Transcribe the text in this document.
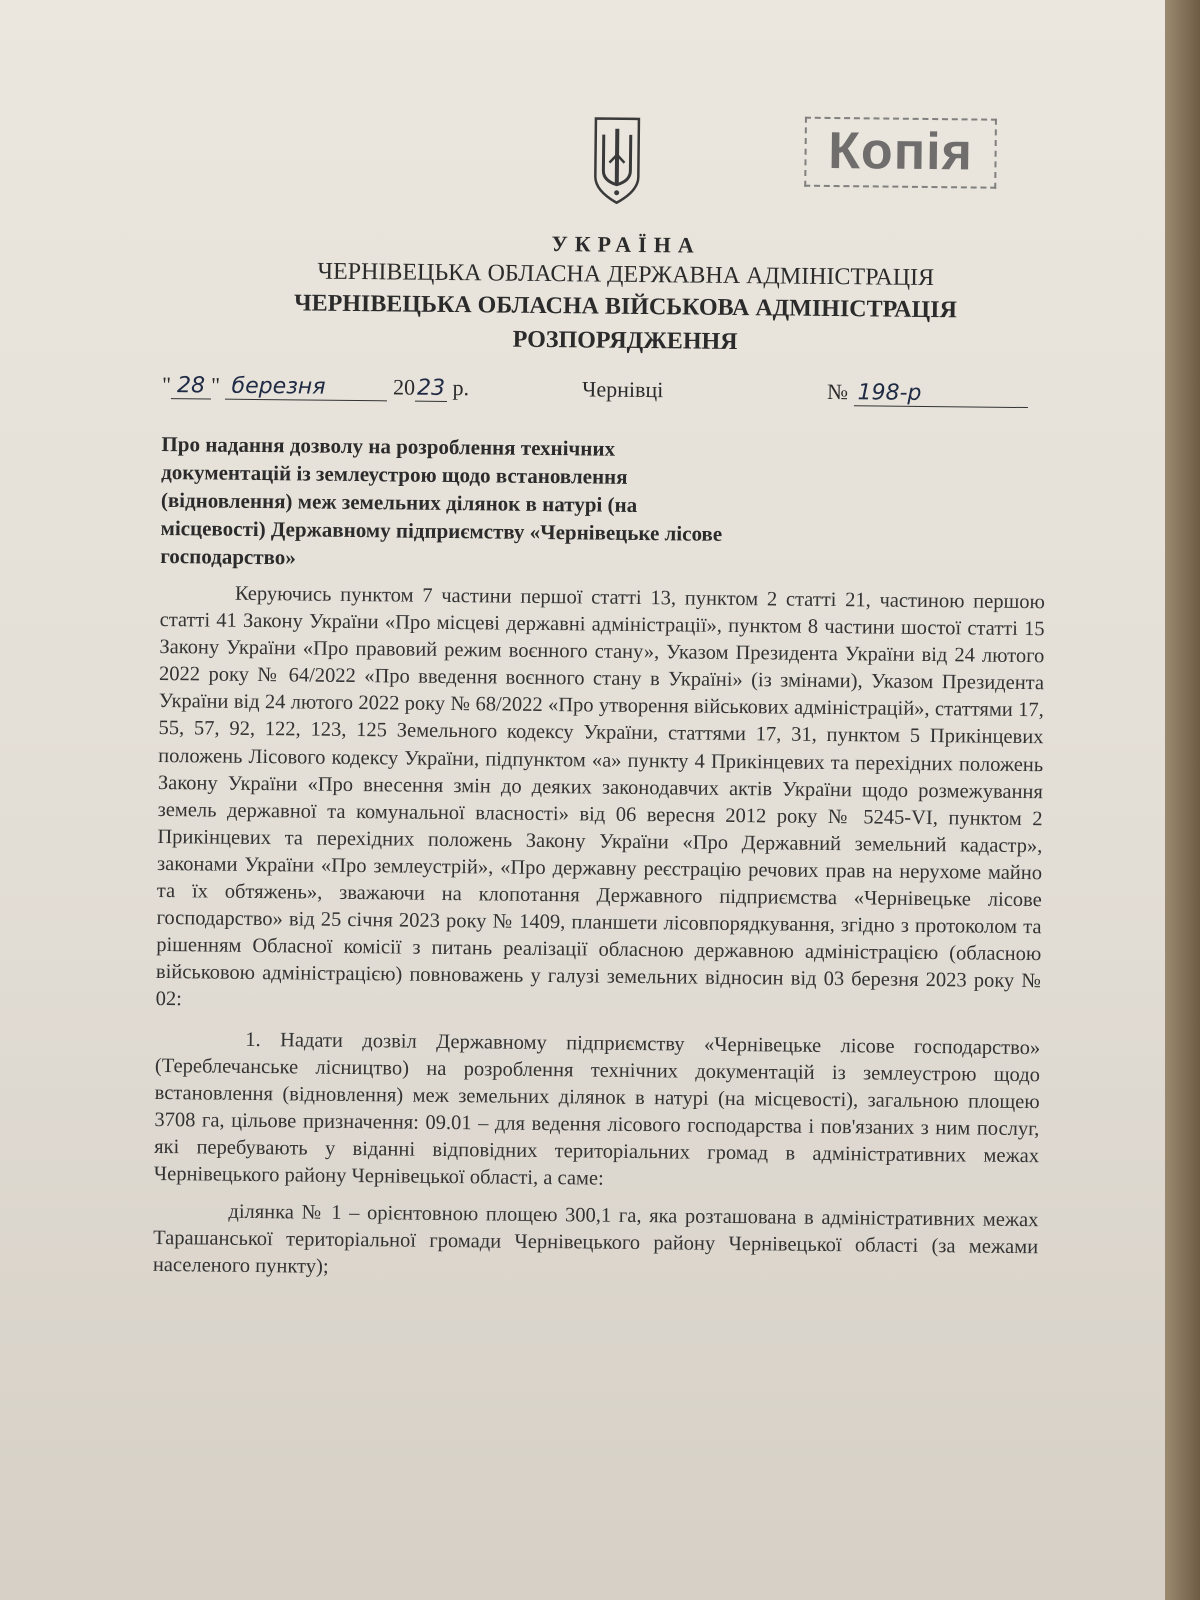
Копія

УКРАЇНА

ЧЕРНІВЕЦЬКА ОБЛАСНА ДЕРЖАВНА АДМІНІСТРАЦІЯ

ЧЕРНІВЕЦЬКА ОБЛАСНА ВІЙСЬКОВА АДМІНІСТРАЦІЯ

РОЗПОРЯДЖЕННЯ

" 28 " березня	2023 р.	Чернівці	№ 198-р

Про надання дозволу на розроблення технічних документацій із землеустрою щодо встановлення (відновлення) меж земельних ділянок в натурі (на місцевості) Державному підприємству «Чернівецьке лісове господарство»

Керуючись пунктом 7 частини першої статті 13, пунктом 2 статті 21, частиною першою статті 41 Закону України «Про місцеві державні адміністрації», пунктом 8 частини шостої статті 15 Закону України «Про правовий режим воєнного стану», Указом Президента України від 24 лютого 2022 року № 64/2022 «Про введення воєнного стану в Україні» (із змінами), Указом Президента України від 24 лютого 2022 року № 68/2022 «Про утворення військових адміністрацій», статтями 17, 55, 57, 92, 122, 123, 125 Земельного кодексу України, статтями 17, 31, пунктом 5 Прикінцевих положень Лісового кодексу України, підпунктом «а» пункту 4 Прикінцевих та перехідних положень Закону України «Про внесення змін до деяких законодавчих актів України щодо розмежування земель державної та комунальної власності» від 06 вересня 2012 року № 5245-VI, пунктом 2 Прикінцевих та перехідних положень Закону України «Про Державний земельний кадастр», законами України «Про землеустрій», «Про державну реєстрацію речових прав на нерухоме майно та їх обтяжень», зважаючи на клопотання Державного підприємства «Чернівецьке лісове господарство» від 25 січня 2023 року № 1409, планшети лісовпорядкування, згідно з протоколом та рішенням Обласної комісії з питань реалізації обласною державною адміністрацією (обласною військовою адміністрацією) повноважень у галузі земельних відносин від 03 березня 2023 року № 02:

1. Надати дозвіл Державному підприємству «Чернівецьке лісове господарство» (Тереблечанське лісництво) на розроблення технічних документацій із землеустрою щодо встановлення (відновлення) меж земельних ділянок в натурі (на місцевості), загальною площею 3708 га, цільове призначення: 09.01 – для ведення лісового господарства і пов'язаних з ним послуг, які перебувають у віданні відповідних територіальних громад в адміністративних межах Чернівецького району Чернівецької області, а саме:

ділянка № 1 – орієнтовною площею 300,1 га, яка розташована в адміністративних межах Тарашанської територіальної громади Чернівецького району Чернівецької області (за межами населеного пункту);
